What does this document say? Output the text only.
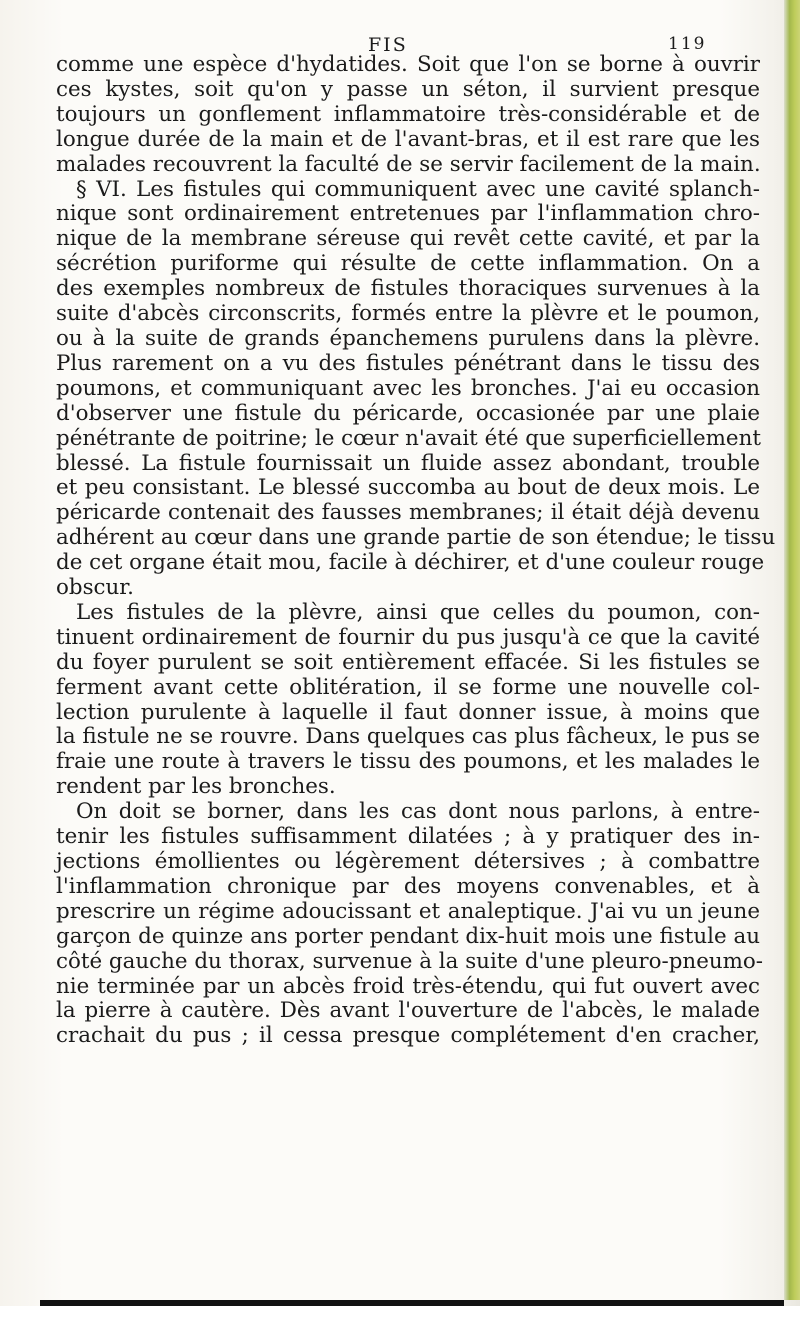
FIS	119
comme une espèce d'hydatides. Soit que l'on se borne à ouvrir
ces kystes, soit qu'on y passe un séton, il survient presque
toujours un gonflement inflammatoire très-considérable et de
longue durée de la main et de l'avant-bras, et il est rare que les
malades recouvrent la faculté de se servir facilement de la main.
§ VI. Les fistules qui communiquent avec une cavité splanch-
nique sont ordinairement entretenues par l'inflammation chro-
nique de la membrane séreuse qui revêt cette cavité, et par la
sécrétion puriforme qui résulte de cette inflammation. On a
des exemples nombreux de fistules thoraciques survenues à la
suite d'abcès circonscrits, formés entre la plèvre et le poumon,
ou à la suite de grands épanchemens purulens dans la plèvre.
Plus rarement on a vu des fistules pénétrant dans le tissu des
poumons, et communiquant avec les bronches. J'ai eu occasion
d'observer une fistule du péricarde, occasionée par une plaie
pénétrante de poitrine; le cœur n'avait été que superficiellement
blessé. La fistule fournissait un fluide assez abondant, trouble
et peu consistant. Le blessé succomba au bout de deux mois. Le
péricarde contenait des fausses membranes; il était déjà devenu
adhérent au cœur dans une grande partie de son étendue; le tissu
de cet organe était mou, facile à déchirer, et d'une couleur rouge
obscur.
Les fistules de la plèvre, ainsi que celles du poumon, con-
tinuent ordinairement de fournir du pus jusqu'à ce que la cavité
du foyer purulent se soit entièrement effacée. Si les fistules se
ferment avant cette oblitération, il se forme une nouvelle col-
lection purulente à laquelle il faut donner issue, à moins que
la fistule ne se rouvre. Dans quelques cas plus fâcheux, le pus se
fraie une route à travers le tissu des poumons, et les malades le
rendent par les bronches.
On doit se borner, dans les cas dont nous parlons, à entre-
tenir les fistules suffisamment dilatées ; à y pratiquer des in-
jections émollientes ou légèrement détersives ; à combattre
l'inflammation chronique par des moyens convenables, et à
prescrire un régime adoucissant et analeptique. J'ai vu un jeune
garçon de quinze ans porter pendant dix-huit mois une fistule au
côté gauche du thorax, survenue à la suite d'une pleuro-pneumo-
nie terminée par un abcès froid très-étendu, qui fut ouvert avec
la pierre à cautère. Dès avant l'ouverture de l'abcès, le malade
crachait du pus ; il cessa presque complétement d'en cracher,
